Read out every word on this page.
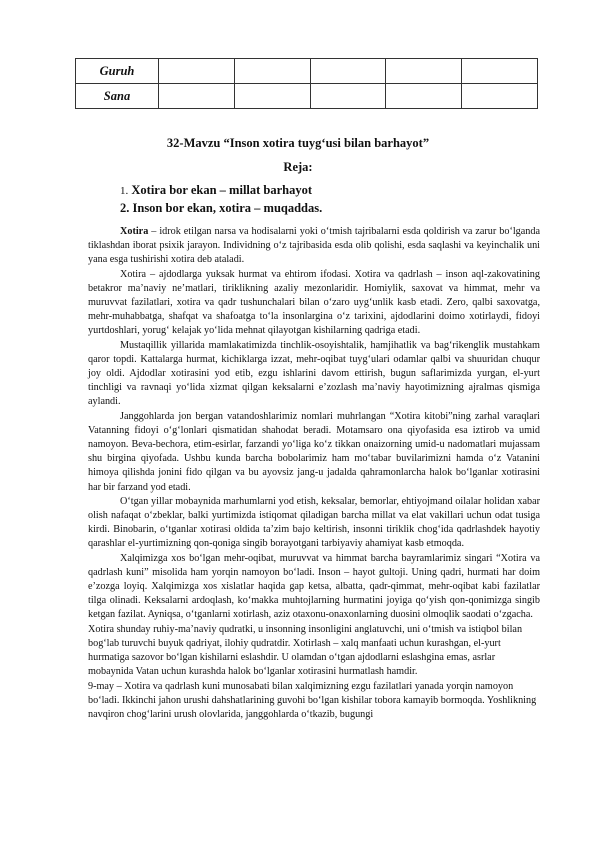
Guruh					
Sana					
32-Mavzu “Inson xotira tuyg‘usi bilan barhayot”
Reja:
1. Xotira bor ekan – millat barhayot
2. Inson bor ekan, xotira – muqaddas.

Xotira – idrok etilgan narsa va hodisalarni yoki o‘tmish tajribalarni esda qoldirish va zarur bo‘lganda tiklashdan iborat psixik jarayon. Individning o‘z tajribasida esda olib qolishi, esda saqlashi va keyinchalik uni yana esga tushirishi xotira deb ataladi.

Xotira – ajdodlarga yuksak hurmat va ehtirom ifodasi. Xotira va qadrlash – inson aql-zakovatining betakror ma’naviy ne’matlari, tiriklikning azaliy mezonlaridir. Homiylik, saxovat va himmat, mehr va muruvvat fazilatlari, xotira va qadr tushunchalari bilan o‘zaro uyg‘unlik kasb etadi. Zero, qalbi saxovatga, mehr-muhabbatga, shafqat va shafoatga to‘la insonlargina o‘z tarixini, ajdodlarini doimo xotirlaydi, fidoyi yurtdoshlari, yorug‘ kelajak yo‘lida mehnat qilayotgan kishilarning qadriga etadi.

Mustaqillik yillarida mamlakatimizda tinchlik-osoyishtalik, hamjihatlik va bag‘rikenglik mustahkam qaror topdi. Kattalarga hurmat, kichiklarga izzat, mehr-oqibat tuyg‘ulari odamlar qalbi va shuuridan chuqur joy oldi. Ajdodlar xotirasini yod etib, ezgu ishlarini davom ettirish, bugun saflarimizda yurgan, el-yurt tinchligi va ravnaqi yo‘lida xizmat qilgan keksalarni e’zozlash ma’naviy hayotimizning ajralmas qismiga aylandi.

Janggohlarda jon bergan vatandoshlarimiz nomlari muhrlangan “Xotira kitobi”ning zarhal varaqlari Vatanning fidoyi o‘g‘lonlari qismatidan shahodat beradi. Motamsaro ona qiyofasida esa iztirob va umid namoyon. Beva-bechora, etim-esirlar, farzandi yo‘liga ko‘z tikkan onaizorning umid-u nadomatlari mujassam shu birgina qiyofada. Ushbu kunda barcha bobolarimiz ham mo‘tabar buvilarimizni hamda o‘z Vatanini himoya qilishda jonini fido qilgan va bu ayovsiz jang-u jadalda qahramonlarcha halok bo‘lganlar xotirasini har bir farzand yod etadi.

O‘tgan yillar mobaynida marhumlarni yod etish, keksalar, bemorlar, ehtiyojmand oilalar holidan xabar olish nafaqat o‘zbeklar, balki yurtimizda istiqomat qiladigan barcha millat va elat vakillari uchun odat tusiga kirdi. Binobarin, o‘tganlar xotirasi oldida ta’zim bajo keltirish, insonni tiriklik chog‘ida qadrlashdek hayotiy qarashlar el-yurtimizning qon-qoniga singib borayotgani tarbiyaviy ahamiyat kasb etmoqda.

Xalqimizga xos bo‘lgan mehr-oqibat, muruvvat va himmat barcha bayramlarimiz singari “Xotira va qadrlash kuni” misolida ham yorqin namoyon bo‘ladi. Inson – hayot gultoji. Uning qadri, hurmati har doim e’zozga loyiq. Xalqimizga xos xislatlar haqida gap ketsa, albatta, qadr-qimmat, mehr-oqibat kabi fazilatlar tilga olinadi. Keksalarni ardoqlash, ko‘makka muhtojlarning hurmatini joyiga qo‘yish qon-qonimizga singib ketgan fazilat. Ayniqsa, o‘tganlarni xotirlash, aziz otaxonu-onaxonlarning duosini olmoqlik saodati o‘zgacha.

Xotira shunday ruhiy-ma’naviy qudratki, u insonning insonligini anglatuvchi, uni o‘tmish va istiqbol bilan bog‘lab turuvchi buyuk qadriyat, ilohiy qudratdir. Xotirlash – xalq manfaati uchun kurashgan, el-yurt hurmatiga sazovor bo‘lgan kishilarni eslashdir. U olamdan o‘tgan ajdodlarni eslashgina emas, asrlar mobaynida Vatan uchun kurashda halok bo‘lganlar xotirasini hurmatlash hamdir.

9-may – Xotira va qadrlash kuni munosabati bilan xalqimizning ezgu fazilatlari yanada yorqin namoyon bo‘ladi. Ikkinchi jahon urushi dahshatlarining guvohi bo‘lgan kishilar tobora kamayib bormoqda. Yoshlikning navqiron chog‘larini urush olovlarida, janggohlarda o‘tkazib, bugungi
